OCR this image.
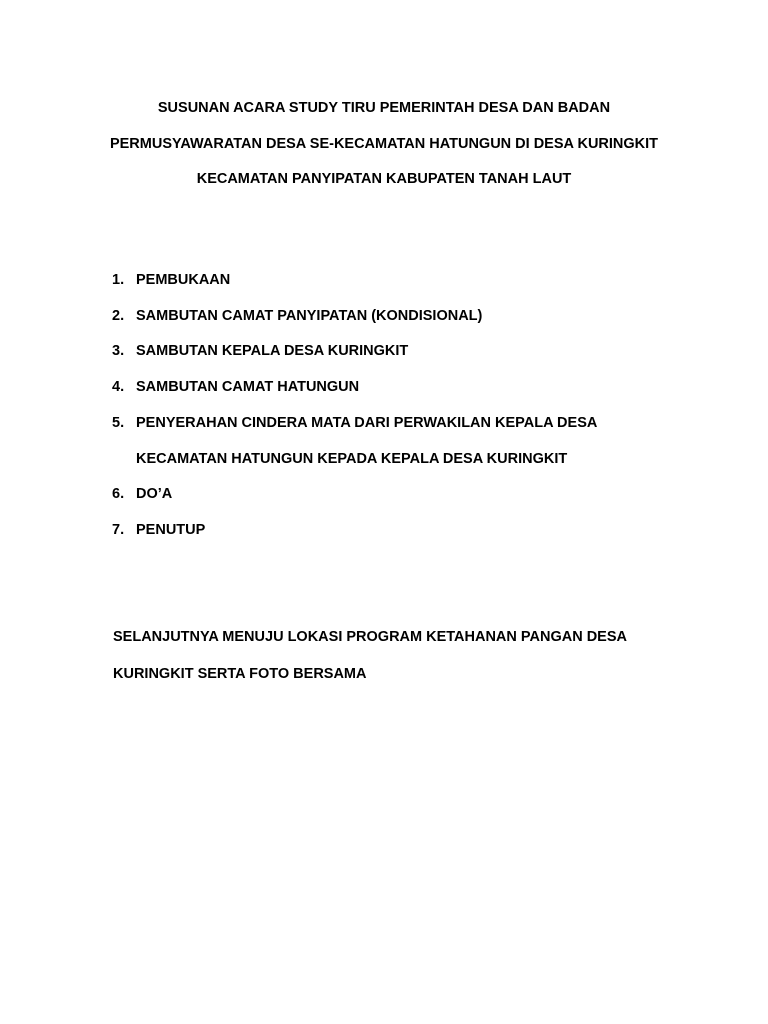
SUSUNAN ACARA STUDY TIRU PEMERINTAH DESA DAN BADAN

PERMUSYAWARATAN DESA SE-KECAMATAN HATUNGUN DI DESA KURINGKIT

KECAMATAN PANYIPATAN KABUPATEN TANAH LAUT

1. PEMBUKAAN
2. SAMBUTAN CAMAT PANYIPATAN (KONDISIONAL)
3. SAMBUTAN KEPALA DESA KURINGKIT
4. SAMBUTAN CAMAT HATUNGUN
5. PENYERAHAN CINDERA MATA DARI PERWAKILAN KEPALA DESA
KECAMATAN HATUNGUN KEPADA KEPALA DESA KURINGKIT
6. DO’A
7. PENUTUP

SELANJUTNYA MENUJU LOKASI PROGRAM KETAHANAN PANGAN DESA

KURINGKIT SERTA FOTO BERSAMA
